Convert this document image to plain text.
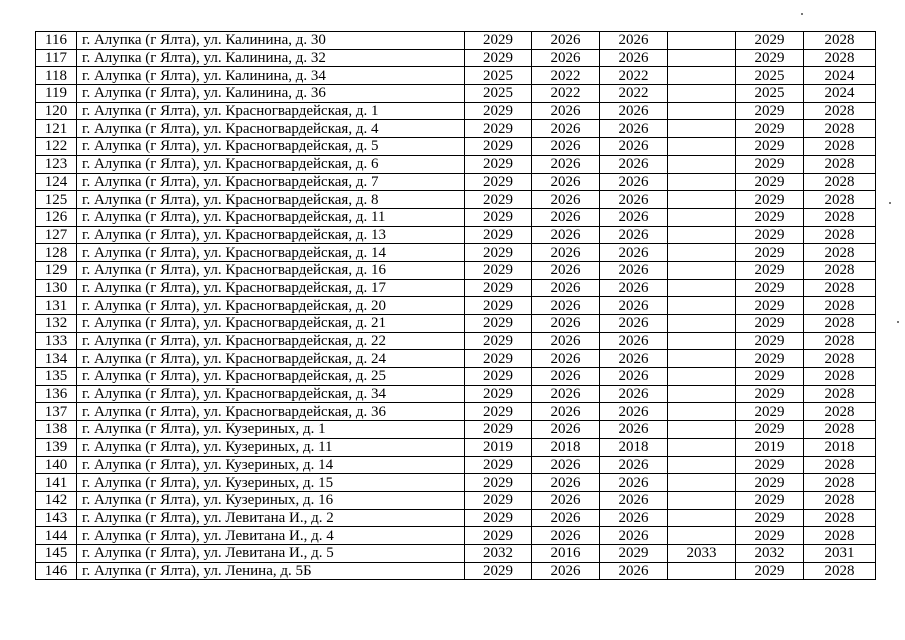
116	г. Алупка (г Ялта), ул. Калинина, д. 30	2029	2026	2026		2029	2028
117	г. Алупка (г Ялта), ул. Калинина, д. 32	2029	2026	2026		2029	2028
118	г. Алупка (г Ялта), ул. Калинина, д. 34	2025	2022	2022		2025	2024
119	г. Алупка (г Ялта), ул. Калинина, д. 36	2025	2022	2022		2025	2024
120	г. Алупка (г Ялта), ул. Красногвардейская, д. 1	2029	2026	2026		2029	2028
121	г. Алупка (г Ялта), ул. Красногвардейская, д. 4	2029	2026	2026		2029	2028
122	г. Алупка (г Ялта), ул. Красногвардейская, д. 5	2029	2026	2026		2029	2028
123	г. Алупка (г Ялта), ул. Красногвардейская, д. 6	2029	2026	2026		2029	2028
124	г. Алупка (г Ялта), ул. Красногвардейская, д. 7	2029	2026	2026		2029	2028
125	г. Алупка (г Ялта), ул. Красногвардейская, д. 8	2029	2026	2026		2029	2028
126	г. Алупка (г Ялта), ул. Красногвардейская, д. 11	2029	2026	2026		2029	2028
127	г. Алупка (г Ялта), ул. Красногвардейская, д. 13	2029	2026	2026		2029	2028
128	г. Алупка (г Ялта), ул. Красногвардейская, д. 14	2029	2026	2026		2029	2028
129	г. Алупка (г Ялта), ул. Красногвардейская, д. 16	2029	2026	2026		2029	2028
130	г. Алупка (г Ялта), ул. Красногвардейская, д. 17	2029	2026	2026		2029	2028
131	г. Алупка (г Ялта), ул. Красногвардейская, д. 20	2029	2026	2026		2029	2028
132	г. Алупка (г Ялта), ул. Красногвардейская, д. 21	2029	2026	2026		2029	2028
133	г. Алупка (г Ялта), ул. Красногвардейская, д. 22	2029	2026	2026		2029	2028
134	г. Алупка (г Ялта), ул. Красногвардейская, д. 24	2029	2026	2026		2029	2028
135	г. Алупка (г Ялта), ул. Красногвардейская, д. 25	2029	2026	2026		2029	2028
136	г. Алупка (г Ялта), ул. Красногвардейская, д. 34	2029	2026	2026		2029	2028
137	г. Алупка (г Ялта), ул. Красногвардейская, д. 36	2029	2026	2026		2029	2028
138	г. Алупка (г Ялта), ул. Кузериных, д. 1	2029	2026	2026		2029	2028
139	г. Алупка (г Ялта), ул. Кузериных, д. 11	2019	2018	2018		2019	2018
140	г. Алупка (г Ялта), ул. Кузериных, д. 14	2029	2026	2026		2029	2028
141	г. Алупка (г Ялта), ул. Кузериных, д. 15	2029	2026	2026		2029	2028
142	г. Алупка (г Ялта), ул. Кузериных, д. 16	2029	2026	2026		2029	2028
143	г. Алупка (г Ялта), ул. Левитана И., д. 2	2029	2026	2026		2029	2028
144	г. Алупка (г Ялта), ул. Левитана И., д. 4	2029	2026	2026		2029	2028
145	г. Алупка (г Ялта), ул. Левитана И., д. 5	2032	2016	2029	2033	2032	2031
146	г. Алупка (г Ялта), ул. Ленина, д. 5Б	2029	2026	2026		2029	2028
